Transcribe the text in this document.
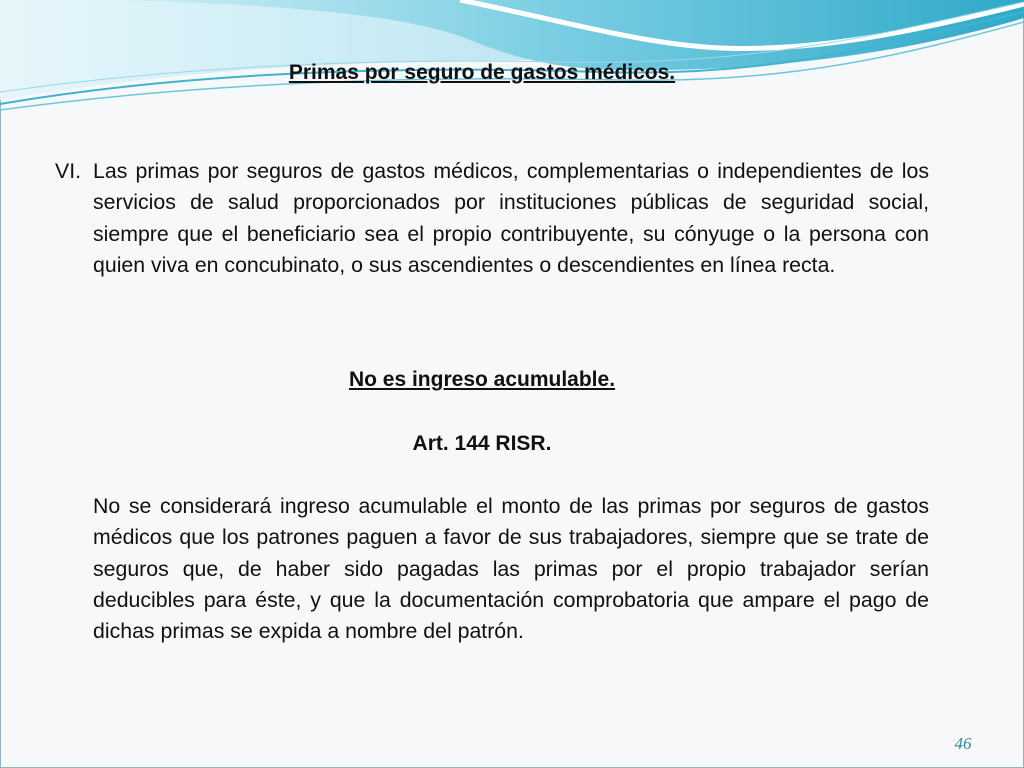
Primas por seguro de gastos médicos.
VI. Las primas por seguros de gastos médicos, complementarias o independientes de los servicios de salud proporcionados por instituciones públicas de seguridad social, siempre que el beneficiario sea el propio contribuyente, su cónyuge o la persona con quien viva en concubinato, o sus ascendientes o descendientes en línea recta.

No es ingreso acumulable.
Art. 144 RISR.

No se considerará ingreso acumulable el monto de las primas por seguros de gastos médicos que los patrones paguen a favor de sus trabajadores, siempre que se trate de seguros que, de haber sido pagadas las primas por el propio trabajador serían deducibles para éste, y que la documentación comprobatoria que ampare el pago de dichas primas se expida a nombre del patrón.

46
